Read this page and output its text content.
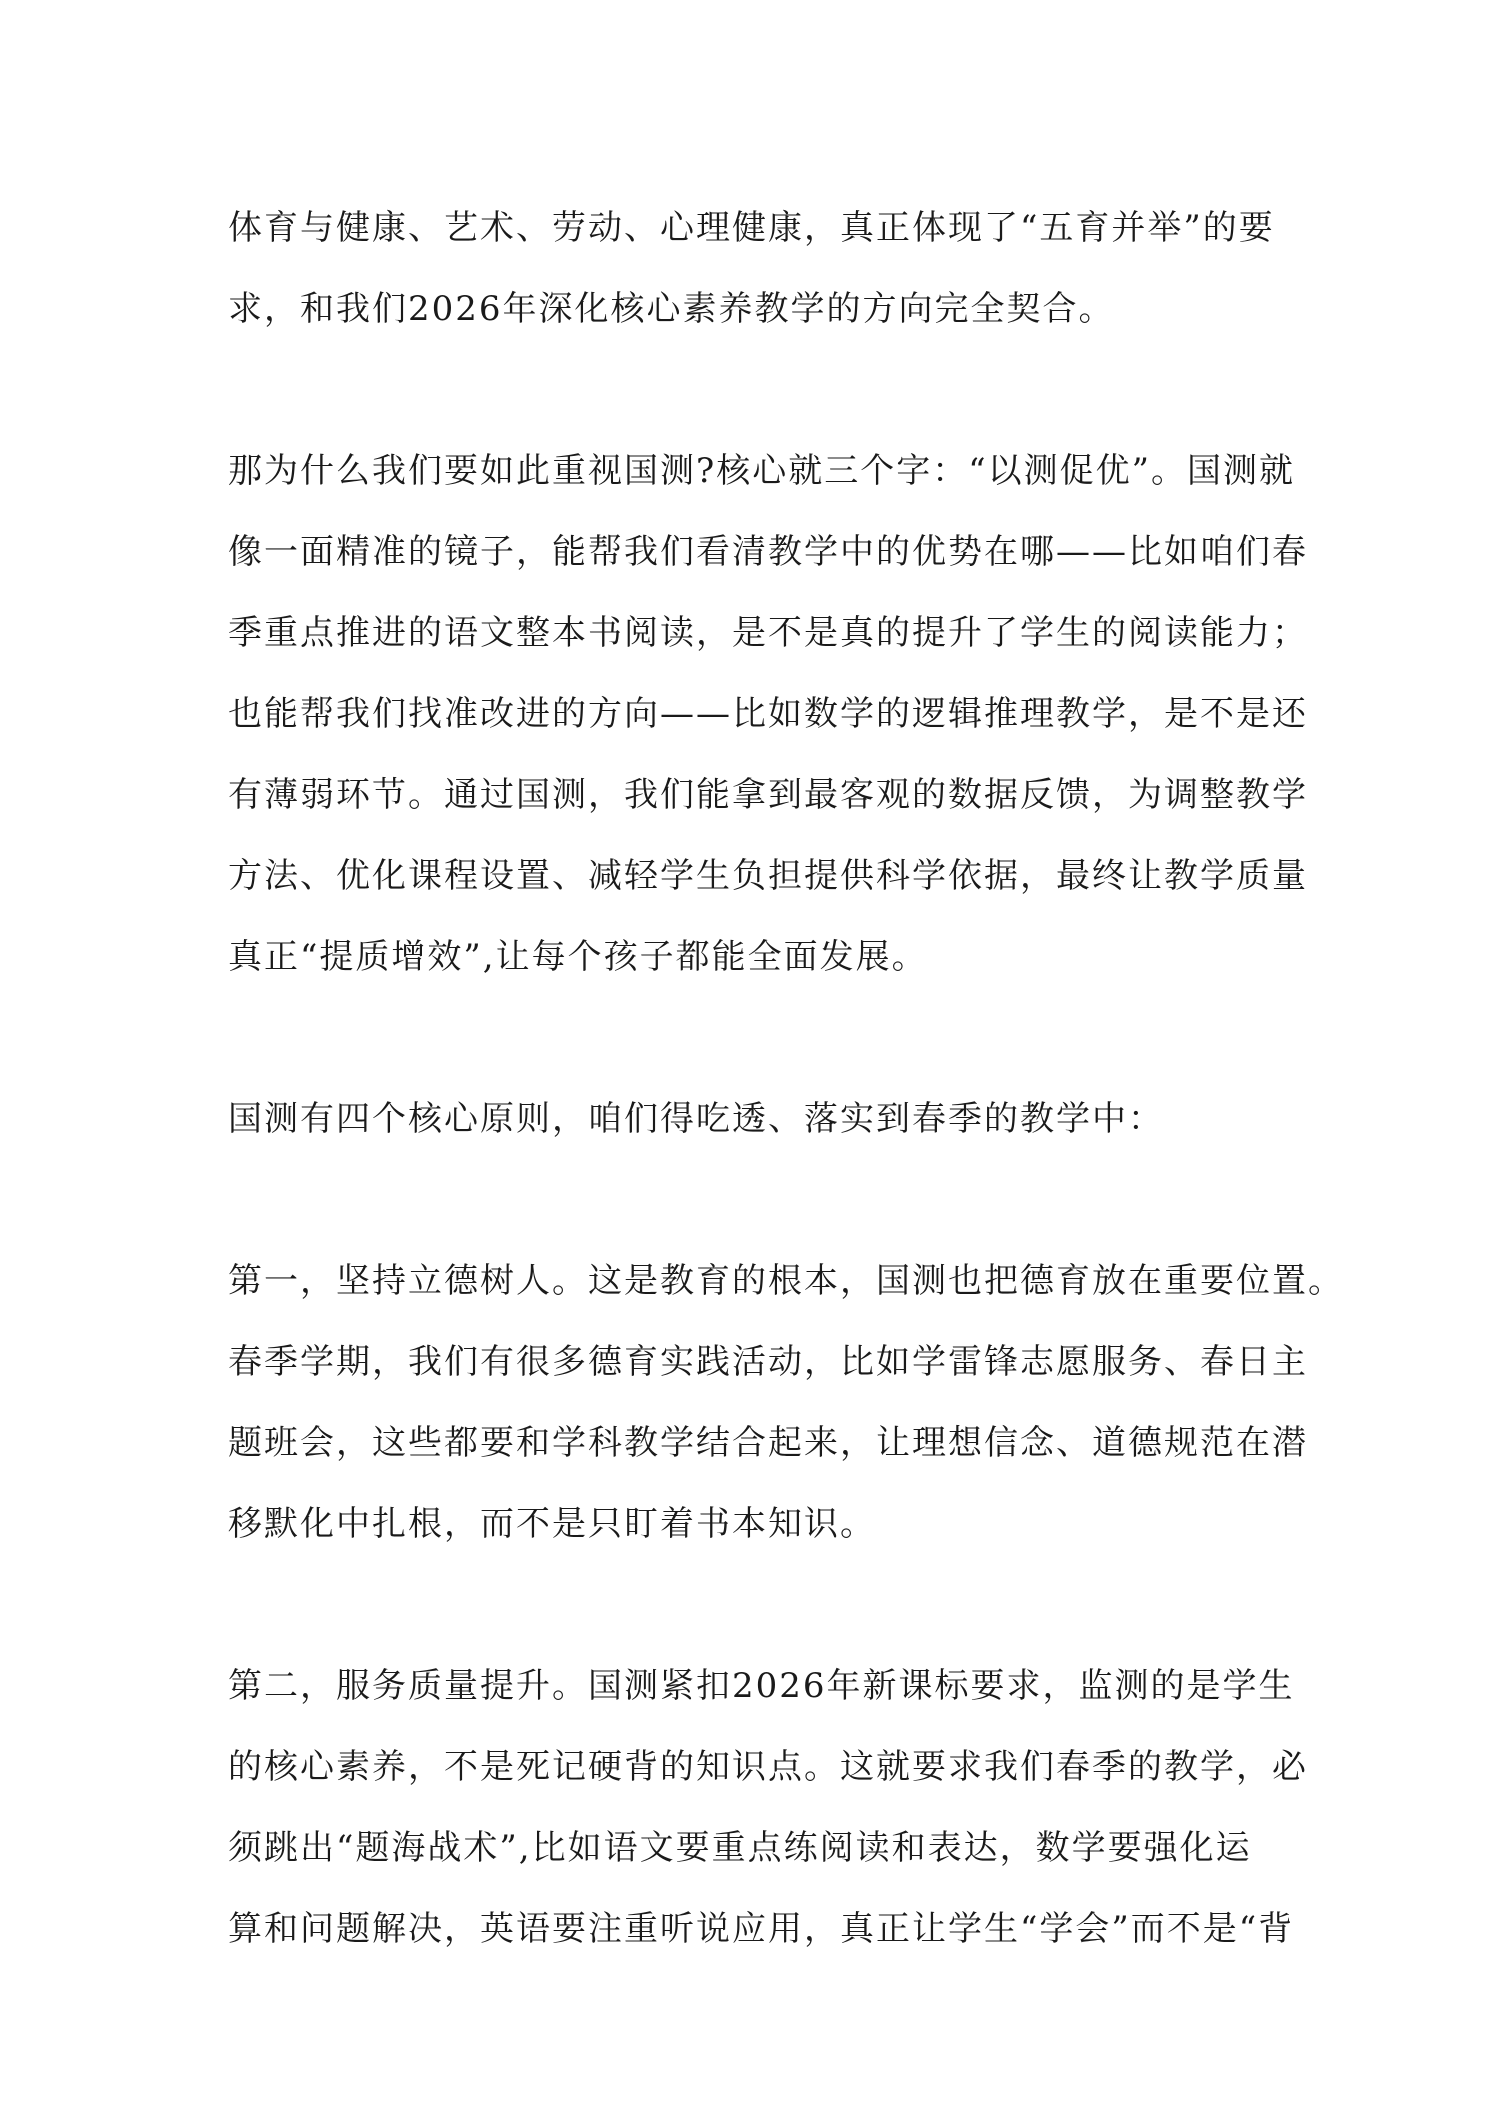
体育与健康、艺术、劳动、心理健康，真正体现了“五育并举”的要
求，和我们2026年深化核心素养教学的方向完全契合。
那为什么我们要如此重视国测?核心就三个字：“以测促优”。国测就
像一面精准的镜子，能帮我们看清教学中的优势在哪——比如咱们春
季重点推进的语文整本书阅读，是不是真的提升了学生的阅读能力；
也能帮我们找准改进的方向——比如数学的逻辑推理教学，是不是还
有薄弱环节。通过国测，我们能拿到最客观的数据反馈，为调整教学
方法、优化课程设置、减轻学生负担提供科学依据，最终让教学质量
真正“提质增效”,让每个孩子都能全面发展。
国测有四个核心原则，咱们得吃透、落实到春季的教学中：
第一，坚持立德树人。这是教育的根本，国测也把德育放在重要位置。
春季学期，我们有很多德育实践活动，比如学雷锋志愿服务、春日主
题班会，这些都要和学科教学结合起来，让理想信念、道德规范在潜
移默化中扎根，而不是只盯着书本知识。
第二，服务质量提升。国测紧扣2026年新课标要求，监测的是学生
的核心素养，不是死记硬背的知识点。这就要求我们春季的教学，必
须跳出“题海战术”,比如语文要重点练阅读和表达，数学要强化运
算和问题解决，英语要注重听说应用，真正让学生“学会”而不是“背
